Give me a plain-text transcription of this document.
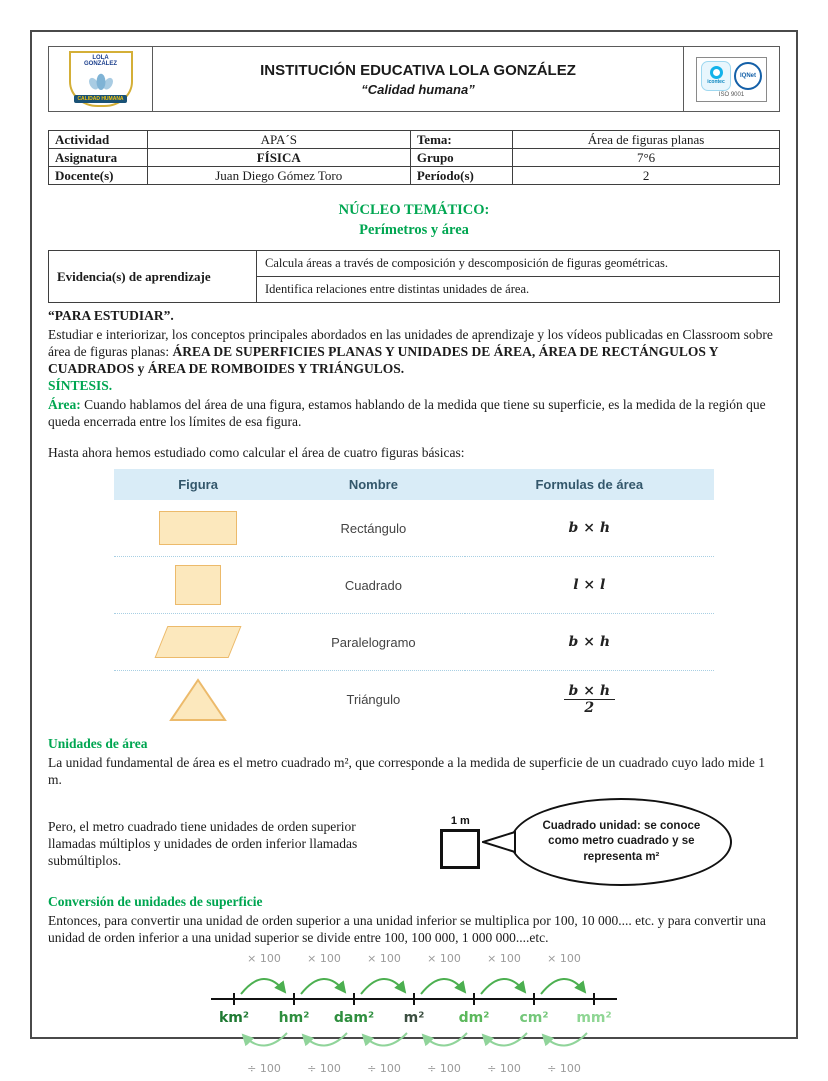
LOLA
GONZÁLEZ
CALIDAD HUMANA
INSTITUCIÓN EDUCATIVA LOLA GONZÁLEZ
“Calidad humana”	icontec
IQNet
ISO 9001
Actividad	APA´S	Tema:	Área de figuras planas
Asignatura	FÍSICA	Grupo	7°6
Docente(s)	Juan Diego Gómez Toro	Período(s)	2
NÚCLEO TEMÁTICO:
Perímetros y área
Evidencia(s) de aprendizaje	Calcula áreas a través de composición y descomposición de figuras geométricas.
Identifica relaciones entre distintas unidades de área.
“PARA ESTUDIAR”.
Estudiar e interiorizar, los conceptos principales abordados en las unidades de aprendizaje y los vídeos publicadas en Classroom sobre área de figuras planas: ÁREA DE SUPERFICIES PLANAS Y UNIDADES DE ÁREA, ÁREA DE RECTÁNGULOS Y CUADRADOS y ÁREA DE ROMBOIDES Y TRIÁNGULOS.
SÍNTESIS.
Área: Cuando hablamos del área de una figura, estamos hablando de la medida que tiene su superficie, es la medida de la región que queda encerrada entre los límites de esa figura.
Hasta ahora hemos estudiado como calcular el área de cuatro figuras básicas:
Figura	Nombre	Formulas de área

	Rectángulo	b × h

	Cuadrado	l × l

	Paralelogramo	b × h

	Triángulo	$\frac{b \times h}{2}$
Unidades de área
La unidad fundamental de área es el metro cuadrado m², que corresponde a la medida de superficie de un cuadrado cuyo lado mide 1 m.
Pero, el metro cuadrado tiene unidades de orden superior llamadas múltiplos y unidades de orden inferior llamadas submúltiplos.
1 m	Cuadrado unidad: se conoce como metro cuadrado y se representa m²
Conversión de unidades de superficie
Entonces, para convertir una unidad de orden superior a una unidad inferior se multiplica por 100, 10 000.... etc. y para convertir una unidad de orden inferior a una unidad superior se divide entre 100, 100 000, 1 000 000....etc.
× 100 × 100 × 100 × 100 × 100 × 100
km² hm² dam² m² dm² cm² mm²
÷ 100 ÷ 100 ÷ 100 ÷ 100 ÷ 100 ÷ 100
